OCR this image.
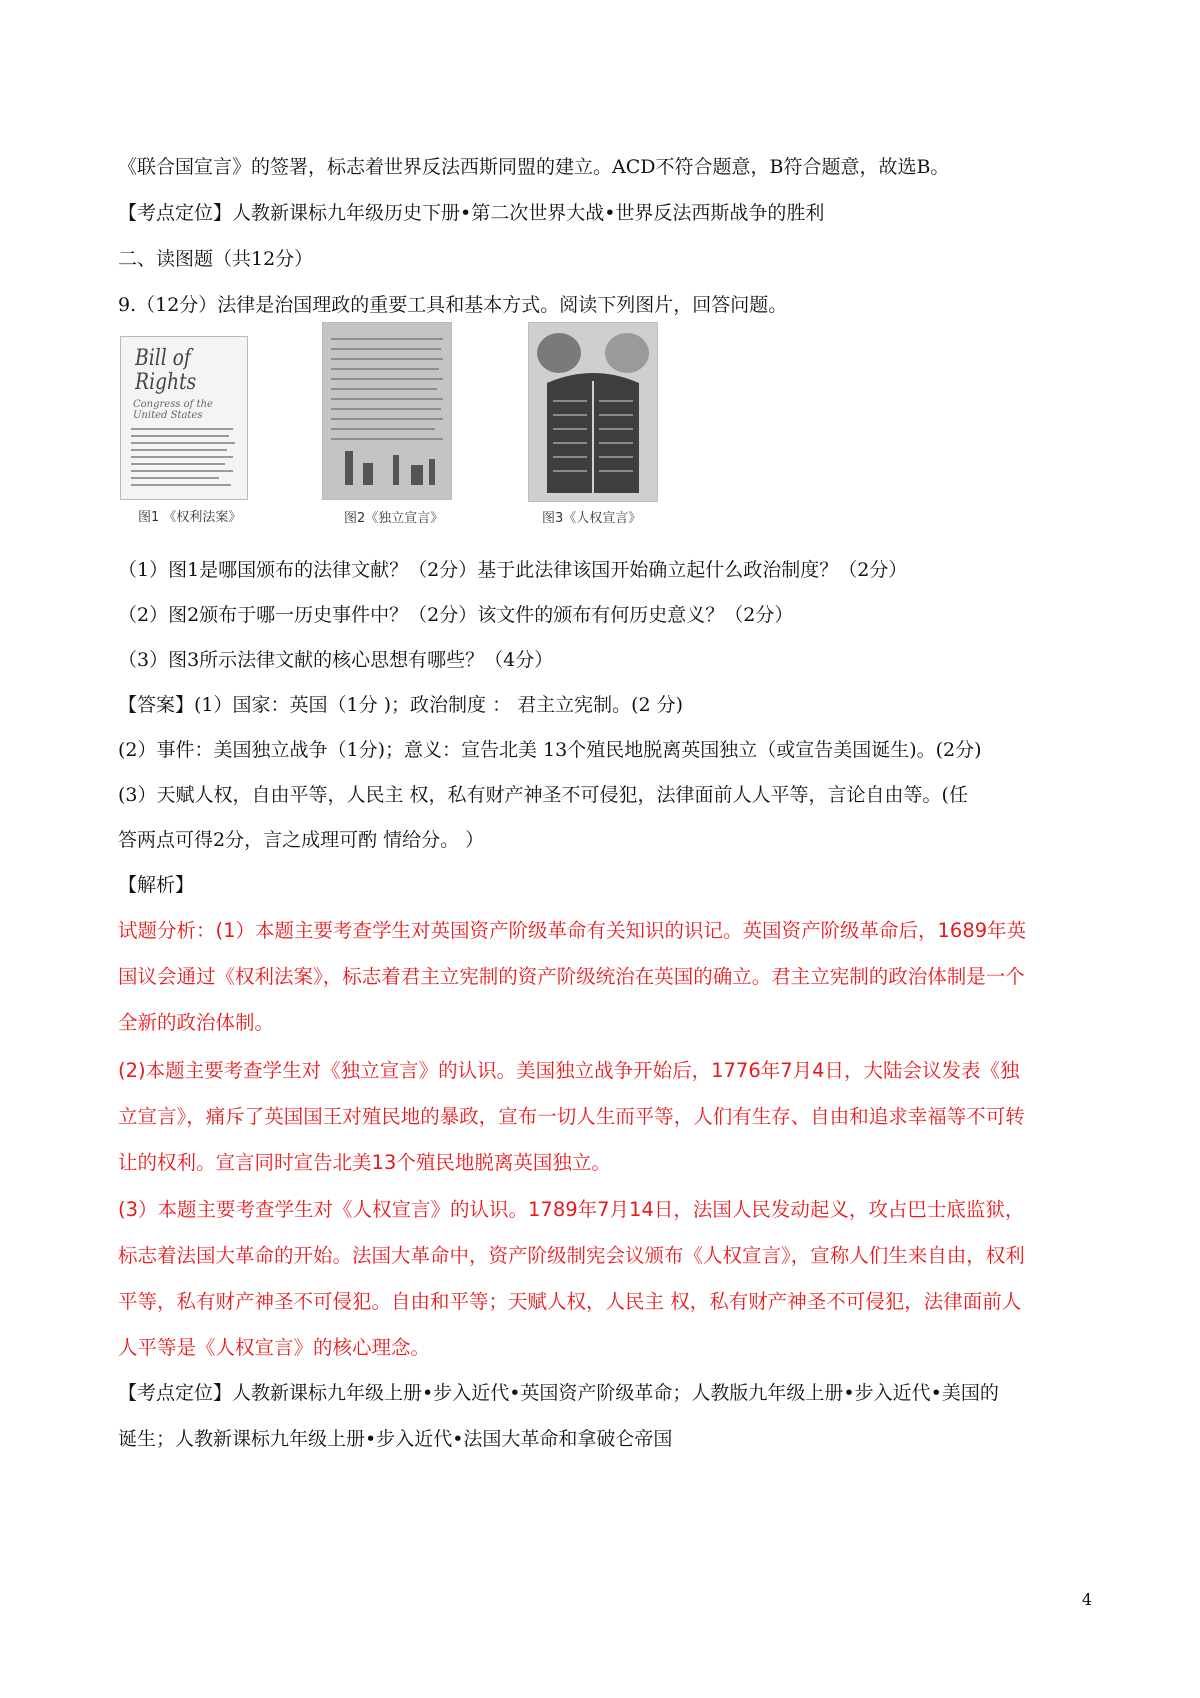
《联合国宣言》的签署，标志着世界反法西斯同盟的建立。ACD不符合题意，B符合题意，故选B。
【考点定位】人教新课标九年级历史下册•第二次世界大战•世界反法西斯战争的胜利
二、读图题（共12分）
9.（12分）法律是治国理政的重要工具和基本方式。阅读下列图片，回答问题。
Bill of Rights
Congress of the United States
图1 《权利法案》	图2《独立宣言》	图3《人权宣言》
（1）图1是哪国颁布的法律文献？（2分）基于此法律该国开始确立起什么政治制度？（2分）
（2）图2颁布于哪一历史事件中？（2分）该文件的颁布有何历史意义？（2分）
（3）图3所示法律文献的核心思想有哪些？（4分）
【答案】(1）国家：英国（1分 )；政治制度 ： 君主立宪制。(2 分)
(2）事件：美国独立战争（1分)；意义：宣告北美 13个殖民地脱离英国独立（或宣告美国诞生)。(2分)
(3）天赋人权，自由平等，人民主 权，私有财产神圣不可侵犯，法律面前人人平等，言论自由等。(任
答两点可得2分，言之成理可酌 情给分。 ）
【解析】
试题分析：(1）本题主要考查学生对英国资产阶级革命有关知识的识记。英国资产阶级革命后，1689年英
国议会通过《权利法案》，标志着君主立宪制的资产阶级统治在英国的确立。君主立宪制的政治体制是一个
全新的政治体制。
(2)本题主要考查学生对《独立宣言》的认识。美国独立战争开始后，1776年7月4日，大陆会议发表《独
立宣言》，痛斥了英国国王对殖民地的暴政，宣布一切人生而平等，人们有生存、自由和追求幸福等不可转
让的权利。宣言同时宣告北美13个殖民地脱离英国独立。
(3）本题主要考查学生对《人权宣言》的认识。1789年7月14日，法国人民发动起义，攻占巴士底监狱，
标志着法国大革命的开始。法国大革命中，资产阶级制宪会议颁布《人权宣言》，宣称人们生来自由，权利
平等，私有财产神圣不可侵犯。自由和平等；天赋人权，人民主 权，私有财产神圣不可侵犯，法律面前人
人平等是《人权宣言》的核心理念。
【考点定位】人教新课标九年级上册•步入近代•英国资产阶级革命；人教版九年级上册•步入近代•美国的
诞生；人教新课标九年级上册•步入近代•法国大革命和拿破仑帝国
4
